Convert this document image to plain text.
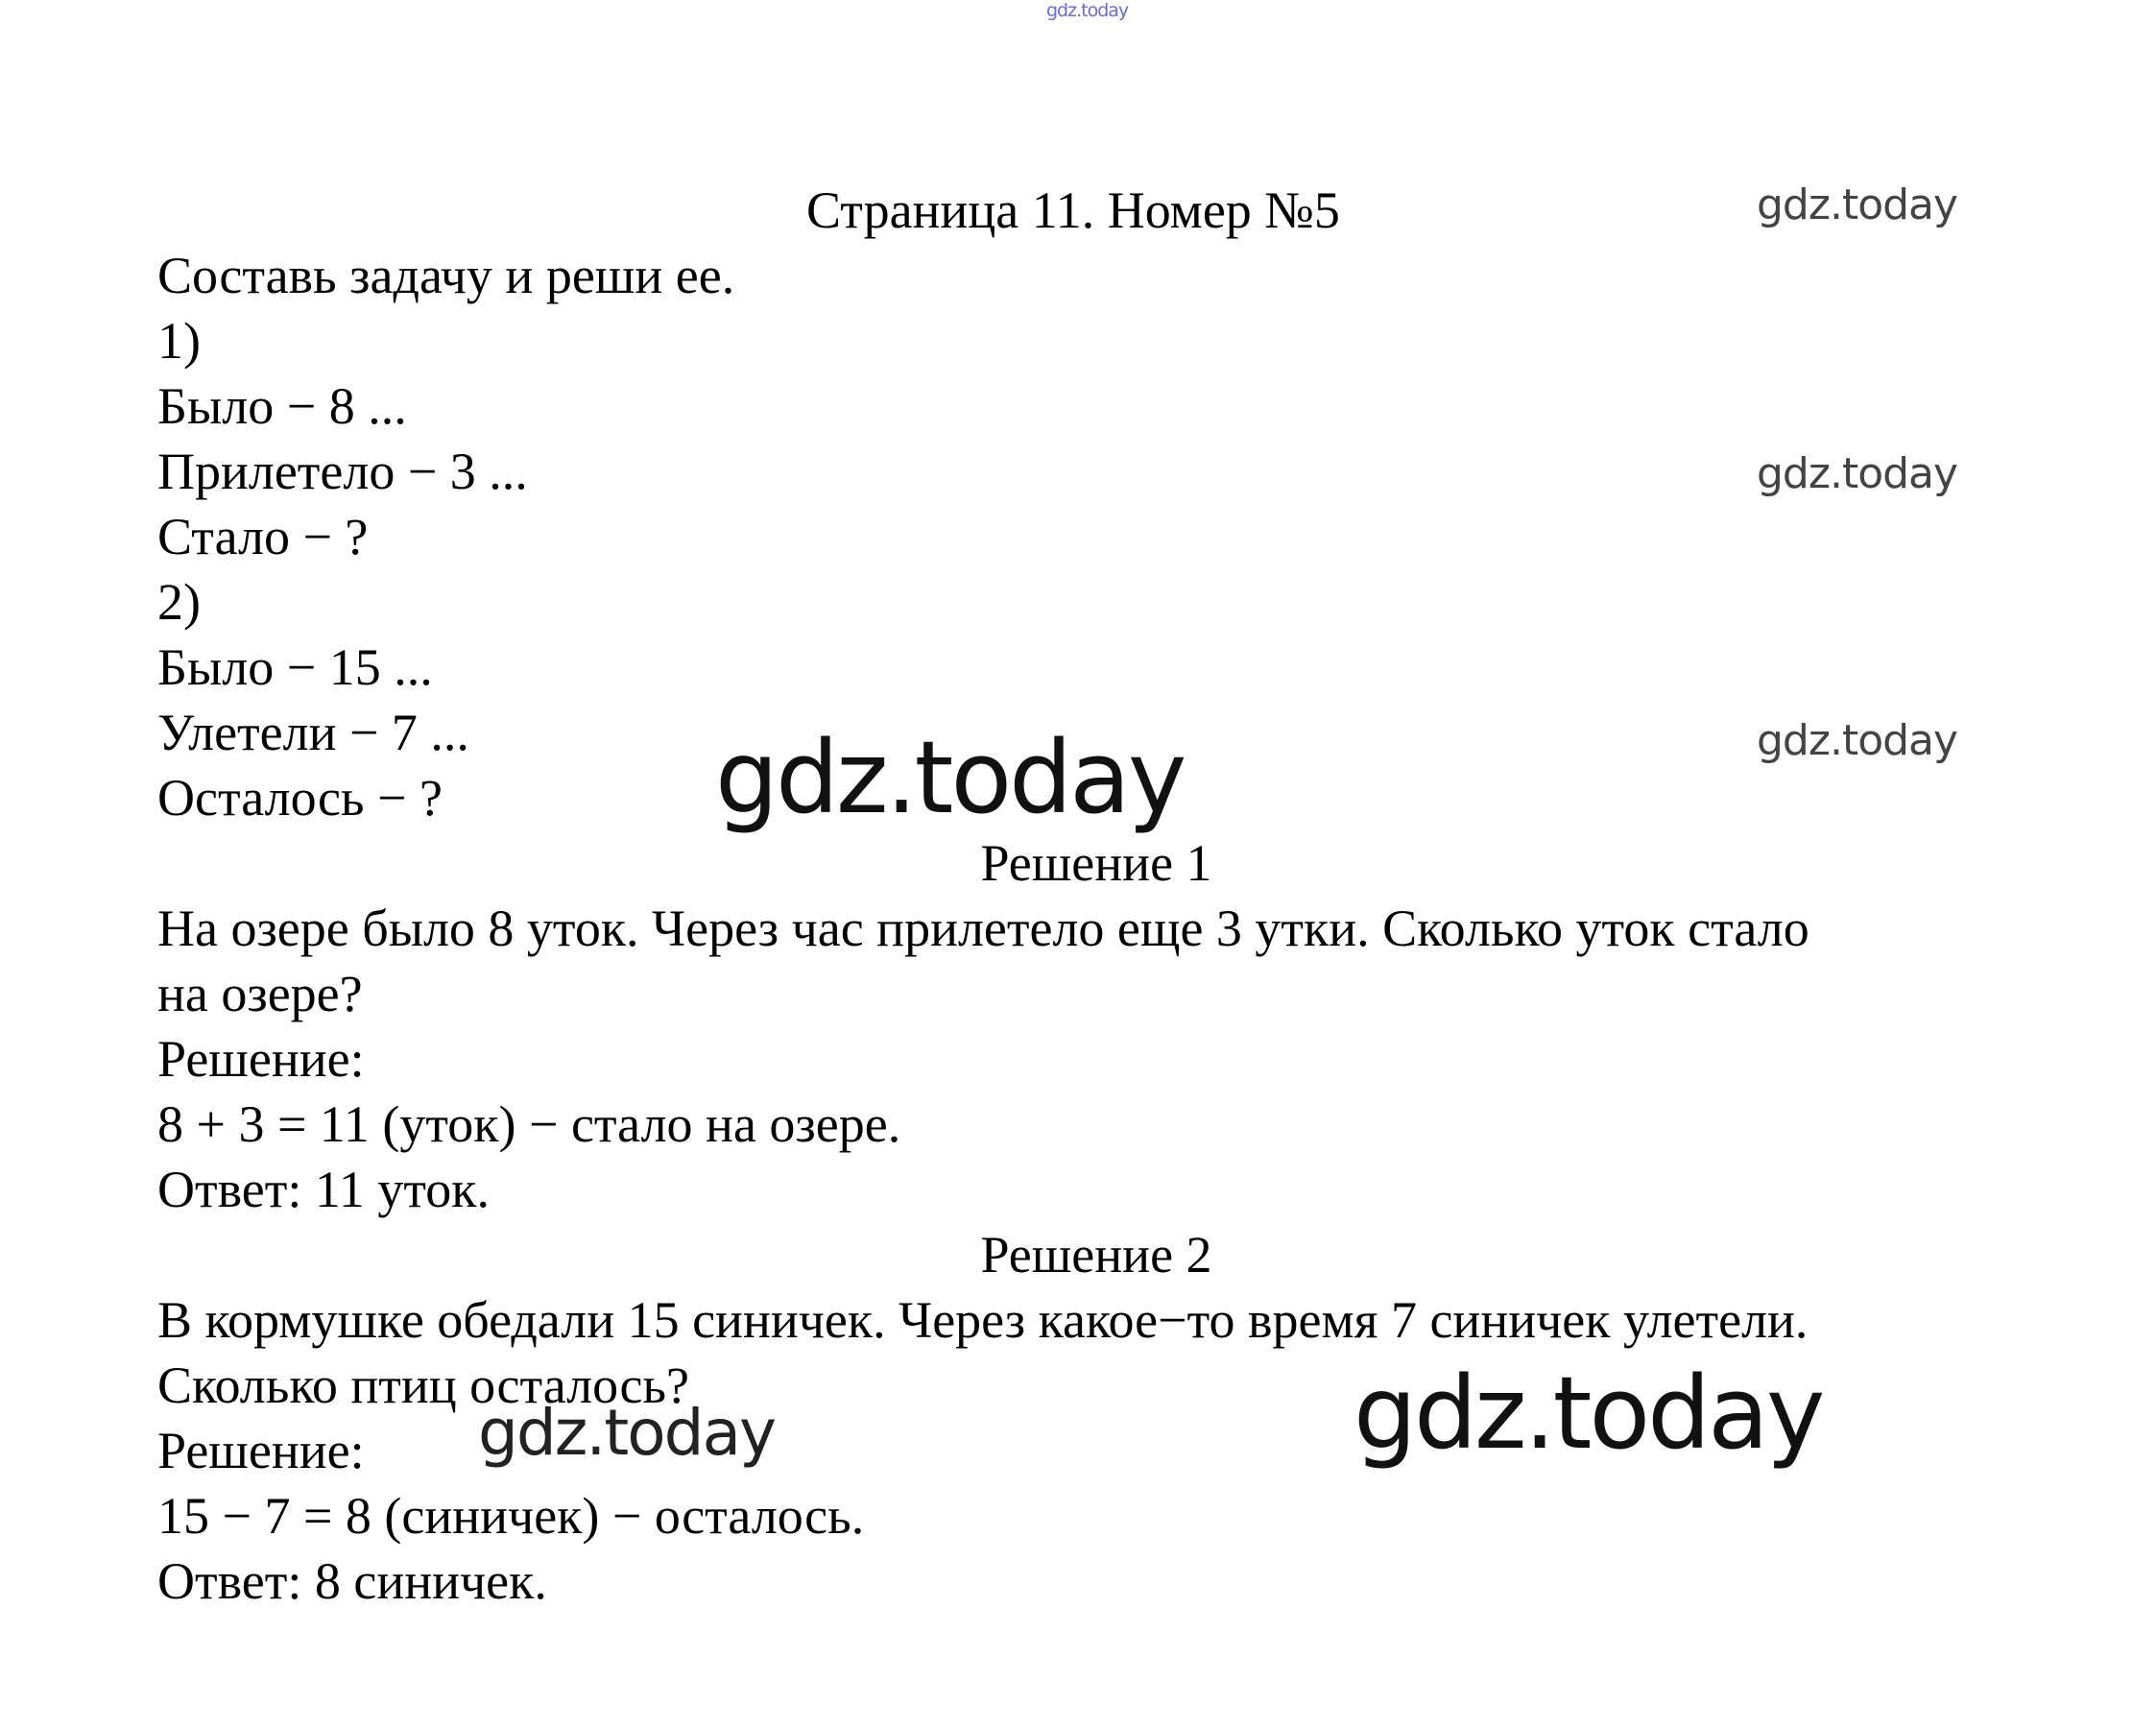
gdz.today
gdz.today
gdz.today
gdz.today
gdz.today
gdz.today	gdz.today
Страница 11. Номер №5
Составь задачу и реши ее.
1)
Было − 8 ...
Прилетело − 3 ...
Стало − ?
2)
Было − 15 ...
Улетели − 7 ...
Осталось − ?
Решение 1
На озере было 8 уток. Через час прилетело еще 3 утки. Сколько уток стало
на озере?
Решение:
8 + 3 = 11 (уток) − стало на озере.
Ответ: 11 уток.
Решение 2
В кормушке обедали 15 синичек. Через какое−то время 7 синичек улетели.
Сколько птиц осталось?
Решение:
15 − 7 = 8 (синичек) − осталось.
Ответ: 8 синичек.
